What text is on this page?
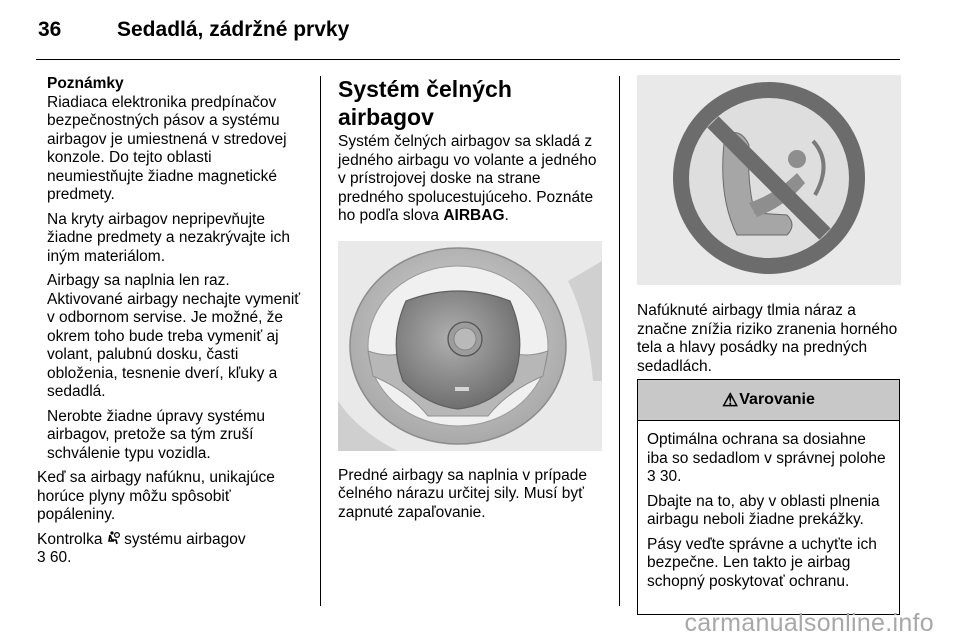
36	Sedadlá, zádržné prvky
Poznámky

Riadiaca elektronika predpínačov bezpečnostných pásov a systému airbagov je umiestnená v stredovej konzole. Do tejto oblasti neumiestňujte žiadne magnetické predmety.

Na kryty airbagov nepripevňujte žiadne predmety a nezakrývajte ich iným materiálom.

Airbagy sa naplnia len raz. Aktivované airbagy nechajte vymeniť v odbornom servise. Je možné, že okrem toho bude treba vymeniť aj volant, palubnú dosku, časti obloženia, tesnenie dverí, kľuky a sedadlá.

Nerobte žiadne úpravy systému airbagov, pretože sa tým zruší schválenie typu vozidla.

Keď sa airbagy nafúknu, unikajúce horúce plyny môžu spôsobiť popáleniny.

Kontrolka systému airbagov
3 60.

Systém čelných airbagov

Systém čelných airbagov sa skladá z jedného airbagu vo volante a jedného v prístrojovej doske na strane predného spolucestujúceho. Poznáte ho podľa slova AIRBAG.

Predné airbagy sa naplnia v prípade čelného nárazu určitej sily. Musí byť zapnuté zapaľovanie.

Nafúknuté airbagy tlmia náraz a značne znížia riziko zranenia horného tela a hlavy posádky na predných sedadlách.

⚠ Varovanie

Optimálna ochrana sa dosiahne iba so sedadlom v správnej polohe 3 30.

Dbajte na to, aby v oblasti plnenia airbagu neboli žiadne prekážky.

Pásy veďte správne a uchyťte ich bezpečne. Len takto je airbag schopný poskytovať ochranu.

carmanualsonline.info
